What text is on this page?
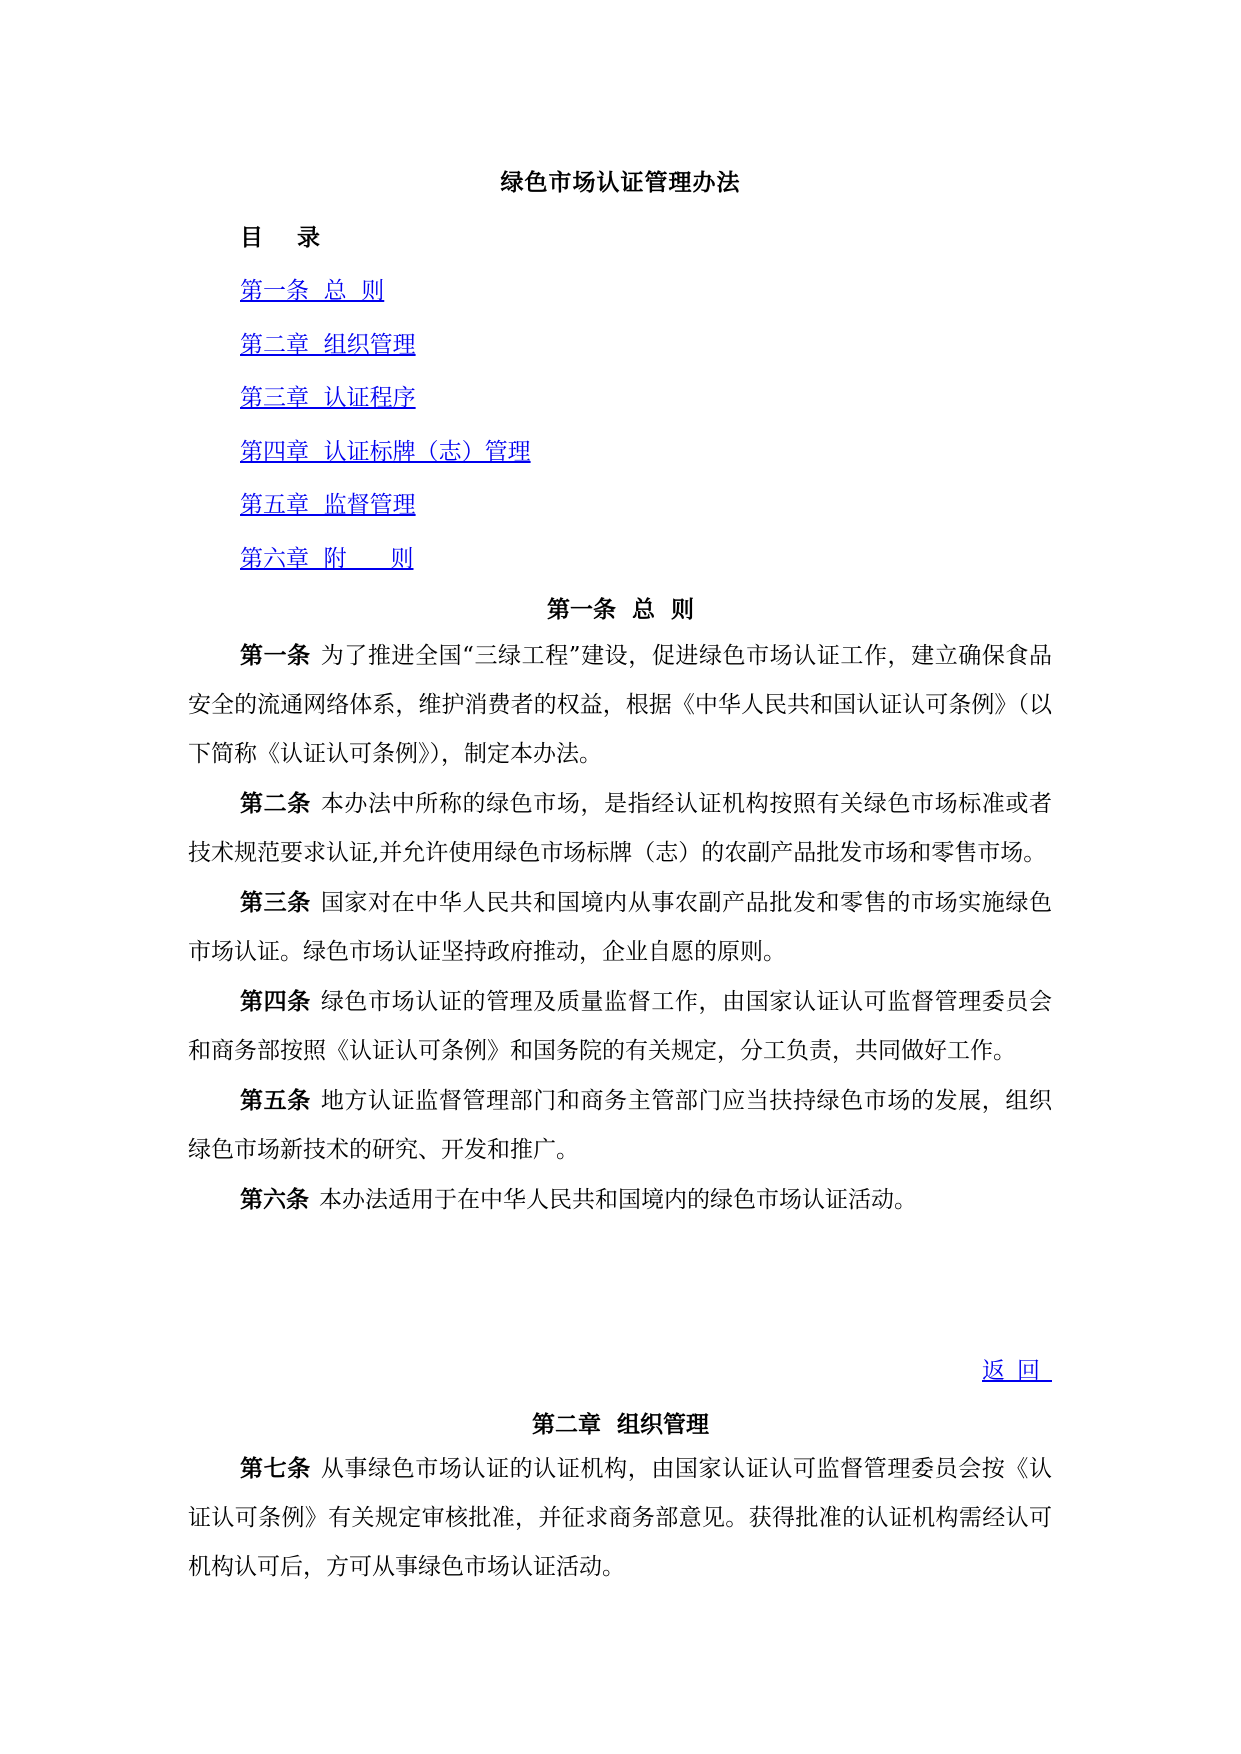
绿色市场认证管理办法
目 录
第一条  总  则
第二章  组织管理
第三章  认证程序
第四章  认证标牌（志）管理
第五章  监督管理
第六章  附      则
第一条  总  则

第一条 为了推进全国“三绿工程”建设，促进绿色市场认证工作，建立确保食品安全的流通网络体系，维护消费者的权益，根据《中华人民共和国认证认可条例》（以下简称《认证认可条例》），制定本办法。

第二条 本办法中所称的绿色市场，是指经认证机构按照有关绿色市场标准或者技术规范要求认证,并允许使用绿色市场标牌（志）的农副产品批发市场和零售市场。

第三条 国家对在中华人民共和国境内从事农副产品批发和零售的市场实施绿色市场认证。绿色市场认证坚持政府推动，企业自愿的原则。

第四条 绿色市场认证的管理及质量监督工作，由国家认证认可监督管理委员会和商务部按照《认证认可条例》和国务院的有关规定，分工负责，共同做好工作。

第五条 地方认证监督管理部门和商务主管部门应当扶持绿色市场的发展，组织绿色市场新技术的研究、开发和推广。

第六条 本办法适用于在中华人民共和国境内的绿色市场认证活动。

返回
第二章  组织管理

第七条 从事绿色市场认证的认证机构，由国家认证认可监督管理委员会按《认证认可条例》有关规定审核批准，并征求商务部意见。获得批准的认证机构需经认可机构认可后，方可从事绿色市场认证活动。
